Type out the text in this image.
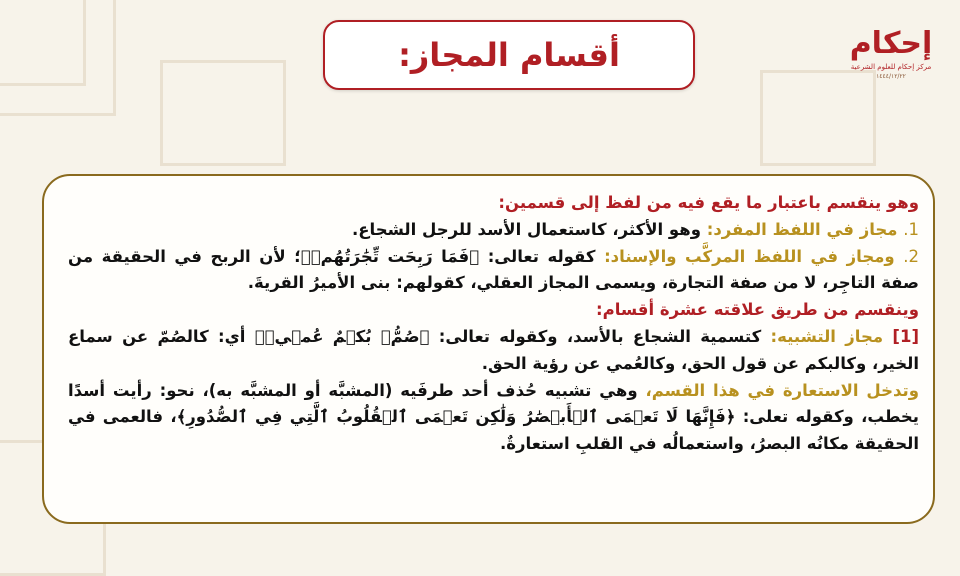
أقسام المجاز:	إحكام
مركز إحكام للعلوم الشرعية
١٤٤٤/١٢/٢٢

وهو ينقسم باعتبار ما يقع فيه من لفظ إلى قسمين:

1. مجاز في اللفظ المفرد: وهو الأكثر، كاستعمال الأسد للرجل الشجاع.

2. ومجاز في اللفظ المركَّب والإسناد: كقوله تعالى: ﴿فَمَا رَبِحَت تِّجَٰرَتُهُمۡ﴾؛ لأن الربح في الحقيقة من صفة التاجِر، لا من صفة التجارة، ويسمى المجاز العقلي، كقولهم: بنى الأميرُ القريةَ.

وينقسم من طريق علاقته عشرة أقسام:

[1] مجاز التشبيه: كتسمية الشجاع بالأسد، وكقوله تعالى: ﴿صُمُّۢ بُكۡمٌ عُمۡيٞ﴾ أي: كالصُمّ عن سماع الخير، وكالبكم عن قول الحق، وكالعُمي عن رؤية الحق.

وتدخل الاستعارة في هذا القسم، وهي تشبيه حُذف أحد طرفَيه (المشبَّه أو المشبَّه به)، نحو: رأيت أسدًا يخطب، وكقوله تعلى: ﴿فَإِنَّهَا لَا تَعۡمَى ٱلۡأَبۡصَٰرُ وَلَٰكِن تَعۡمَى ٱلۡقُلُوبُ ٱلَّتِي فِي ٱلصُّدُورِ﴾، فالعمى في الحقيقة مكانُه البصرُ، واستعمالُه في القلبِ استعارةٌ.
